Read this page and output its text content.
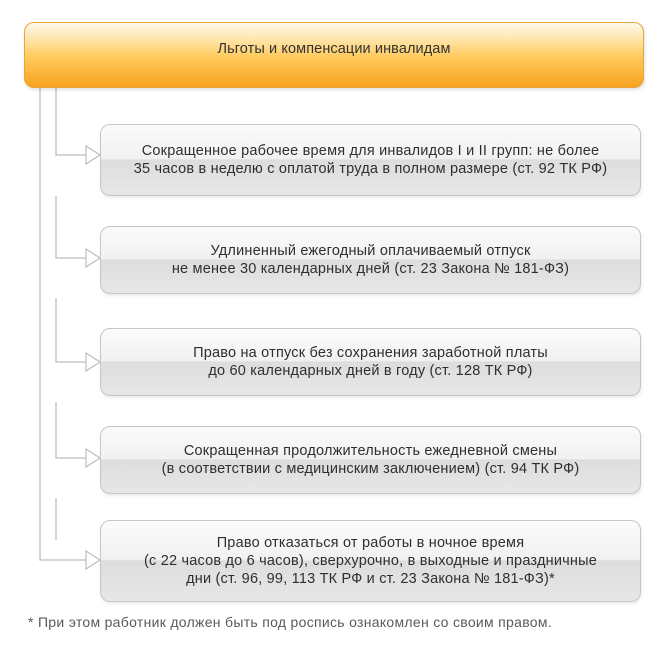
Льготы и компенсации инвалидам
Сокращенное рабочее время для инвалидов I и II групп: не более
35 часов в неделю с оплатой труда в полном размере (ст. 92 ТК РФ)
Удлиненный ежегодный оплачиваемый отпуск
не менее 30 календарных дней (ст. 23 Закона № 181-ФЗ)
Право на отпуск без сохранения заработной платы
до 60 календарных дней в году (ст. 128 ТК РФ)
Сокращенная продолжительность ежедневной смены
(в соответствии с медицинским заключением) (ст. 94 ТК РФ)
Право отказаться от работы в ночное время
(с 22 часов до 6 часов), сверхурочно, в выходные и праздничные
дни (ст. 96, 99, 113 ТК РФ и ст. 23 Закона № 181-ФЗ)*
* При этом работник должен быть под роспись ознакомлен со своим правом.
